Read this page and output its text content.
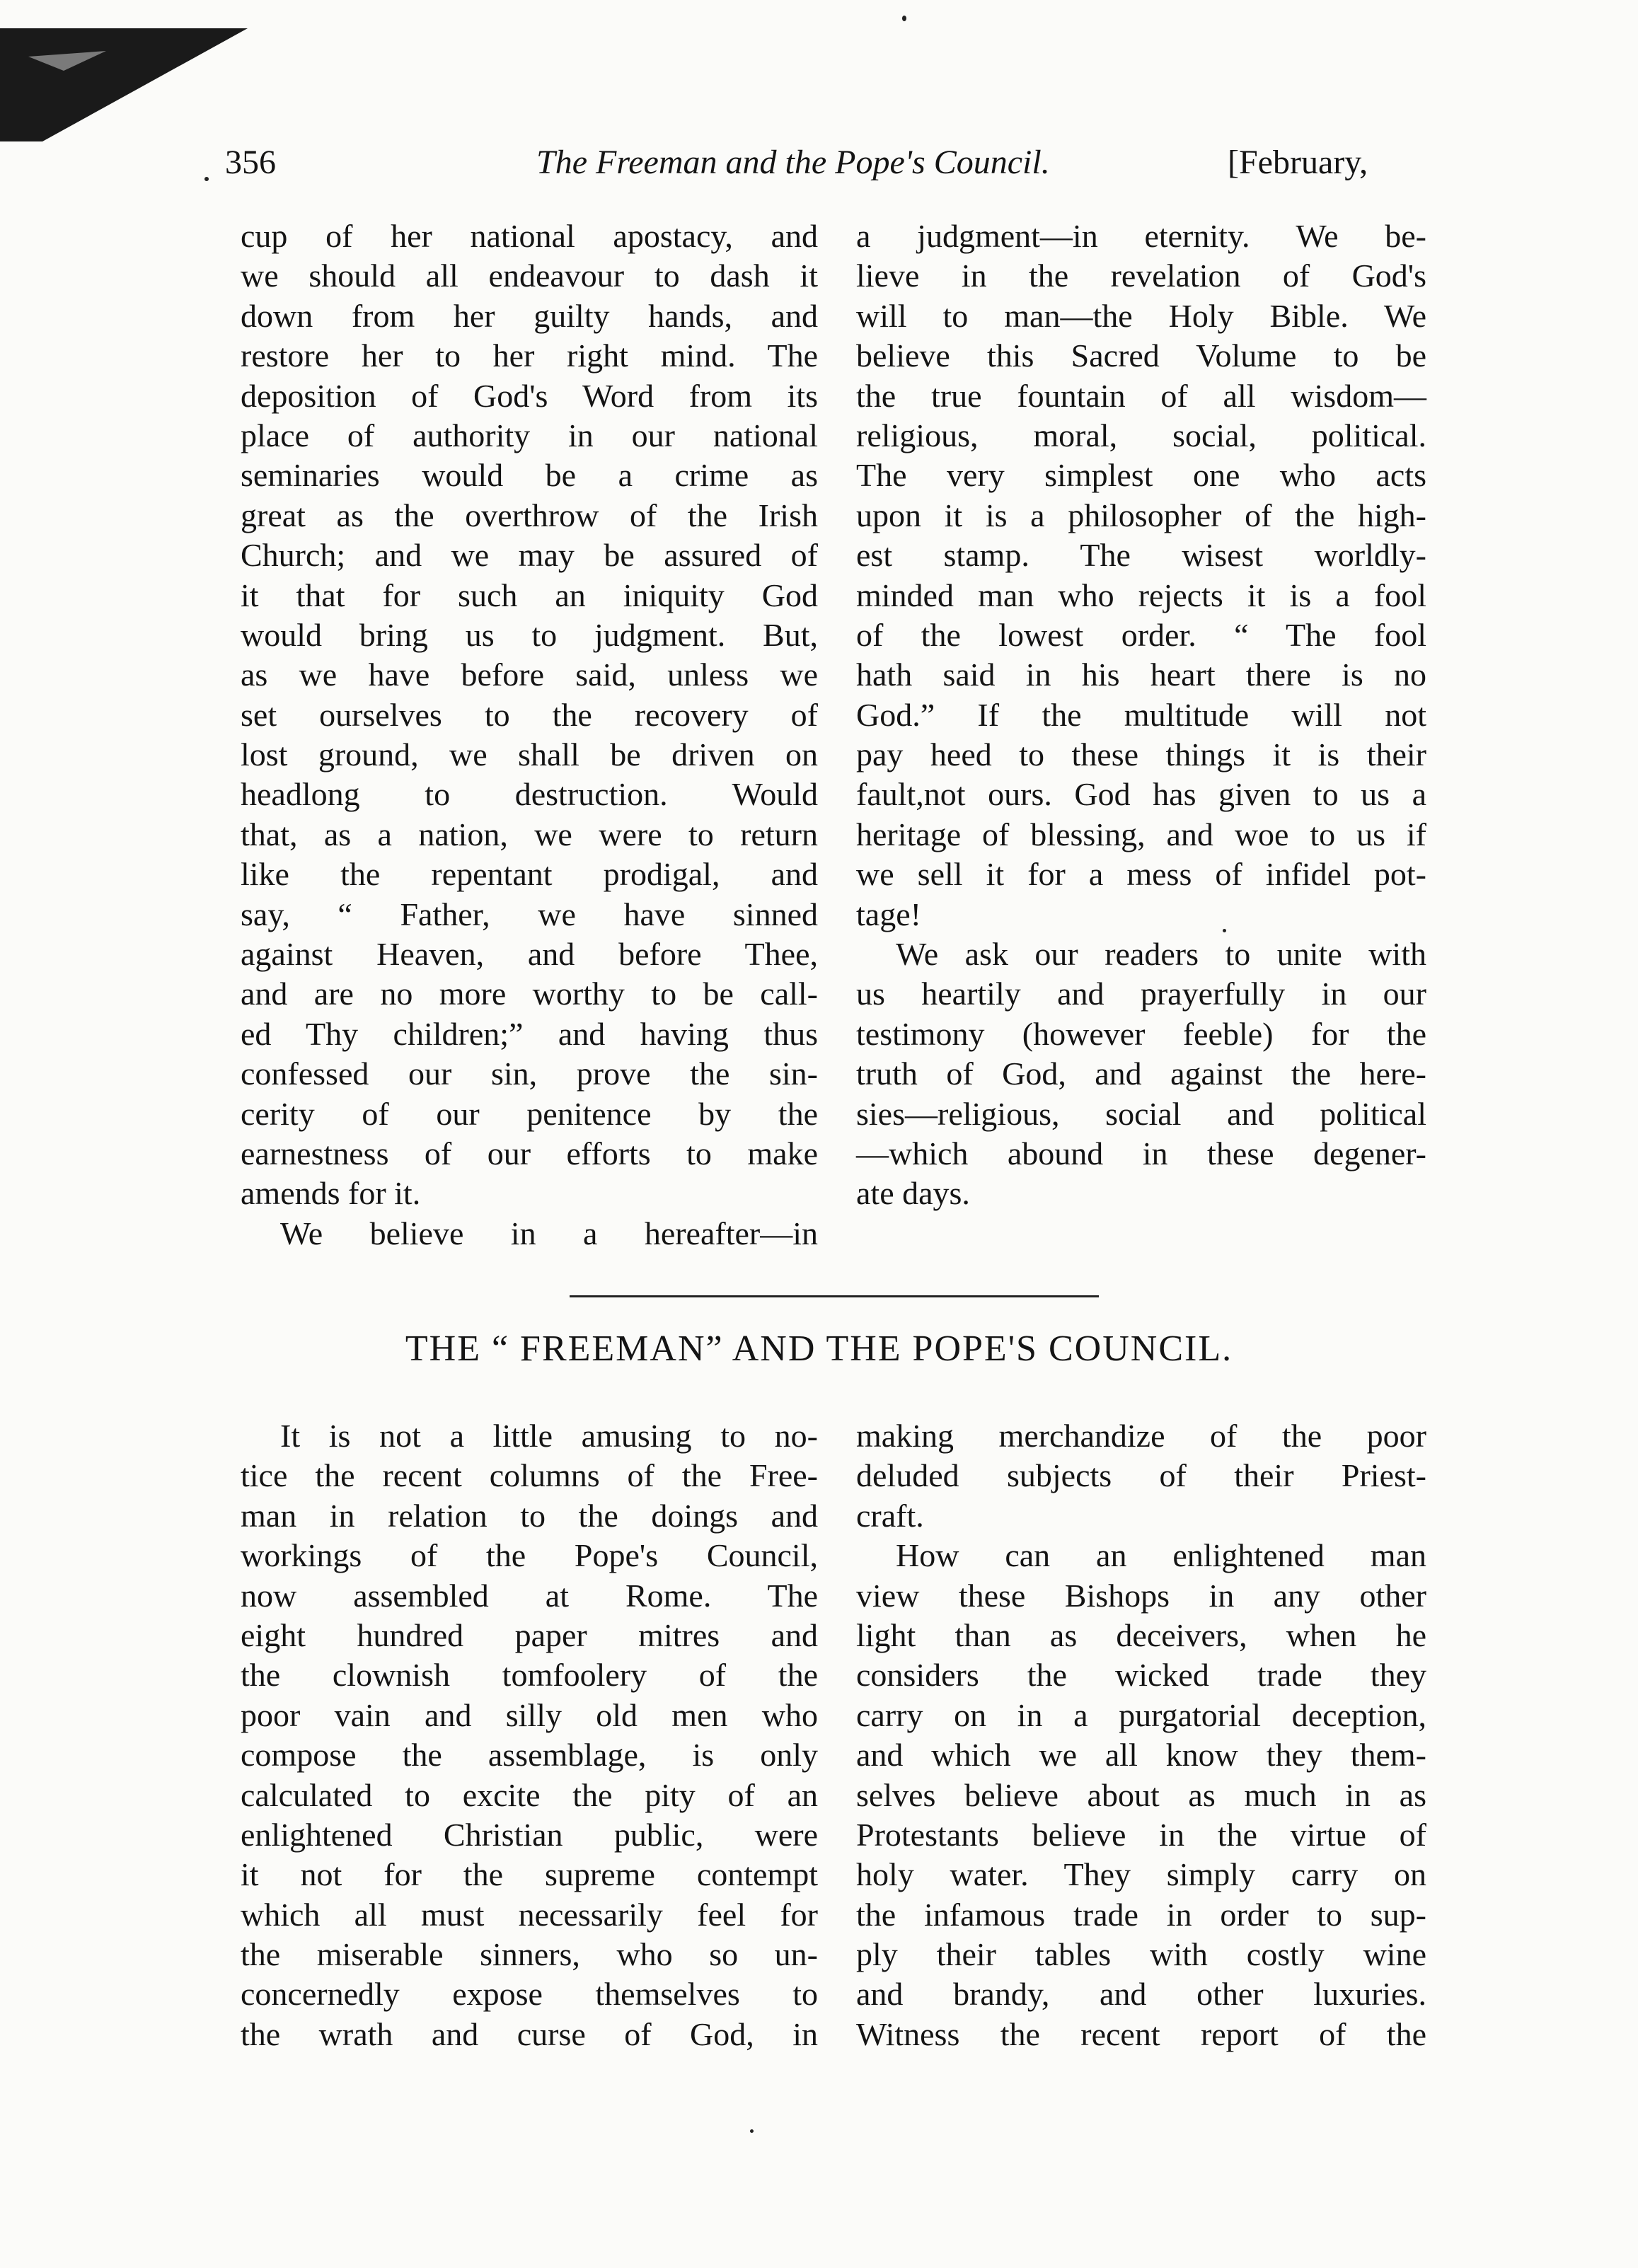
356	The Freeman and the Pope's Council.	[February,
cup of her national apostacy, and
we should all endeavour to dash it
down from her guilty hands, and
restore her to her right mind. The
deposition of God's Word from its
place of authority in our national
seminaries would be a crime as
great as the overthrow of the Irish
Church; and we may be assured of
it that for such an iniquity God
would bring us to judgment. But,
as we have before said, unless we
set ourselves to the recovery of
lost ground, we shall be driven on
headlong to destruction. Would
that, as a nation, we were to return
like the repentant prodigal, and
say, “ Father, we have sinned
against Heaven, and before Thee,
and are no more worthy to be call-
ed Thy children;” and having thus
confessed our sin, prove the sin-
cerity of our penitence by the
earnestness of our efforts to make
amends for it.
We believe in a hereafter—in
a judgment—in eternity. We be-
lieve in the revelation of God's
will to man—the Holy Bible. We
believe this Sacred Volume to be
the true fountain of all wisdom—
religious, moral, social, political.
The very simplest one who acts
upon it is a philosopher of the high-
est stamp. The wisest worldly-
minded man who rejects it is a fool
of the lowest order. “ The fool
hath said in his heart there is no
God.” If the multitude will not
pay heed to these things it is their
fault,not ours. God has given to us a
heritage of blessing, and woe to us if
we sell it for a mess of infidel pot-
tage!
We ask our readers to unite with
us heartily and prayerfully in our
testimony (however feeble) for the
truth of God, and against the here-
sies—religious, social and political
—which abound in these degener-
ate days.
THE “ FREEMAN” AND THE POPE'S COUNCIL.
It is not a little amusing to no-
tice the recent columns of the Free-
man in relation to the doings and
workings of the Pope's Council,
now assembled at Rome. The
eight hundred paper mitres and
the clownish tomfoolery of the
poor vain and silly old men who
compose the assemblage, is only
calculated to excite the pity of an
enlightened Christian public, were
it not for the supreme contempt
which all must necessarily feel for
the miserable sinners, who so un-
concernedly expose themselves to
the wrath and curse of God, in
making merchandize of the poor
deluded subjects of their Priest-
craft.
How can an enlightened man
view these Bishops in any other
light than as deceivers, when he
considers the wicked trade they
carry on in a purgatorial deception,
and which we all know they them-
selves believe about as much in as
Protestants believe in the virtue of
holy water. They simply carry on
the infamous trade in order to sup-
ply their tables with costly wine
and brandy, and other luxuries.
Witness the recent report of the
